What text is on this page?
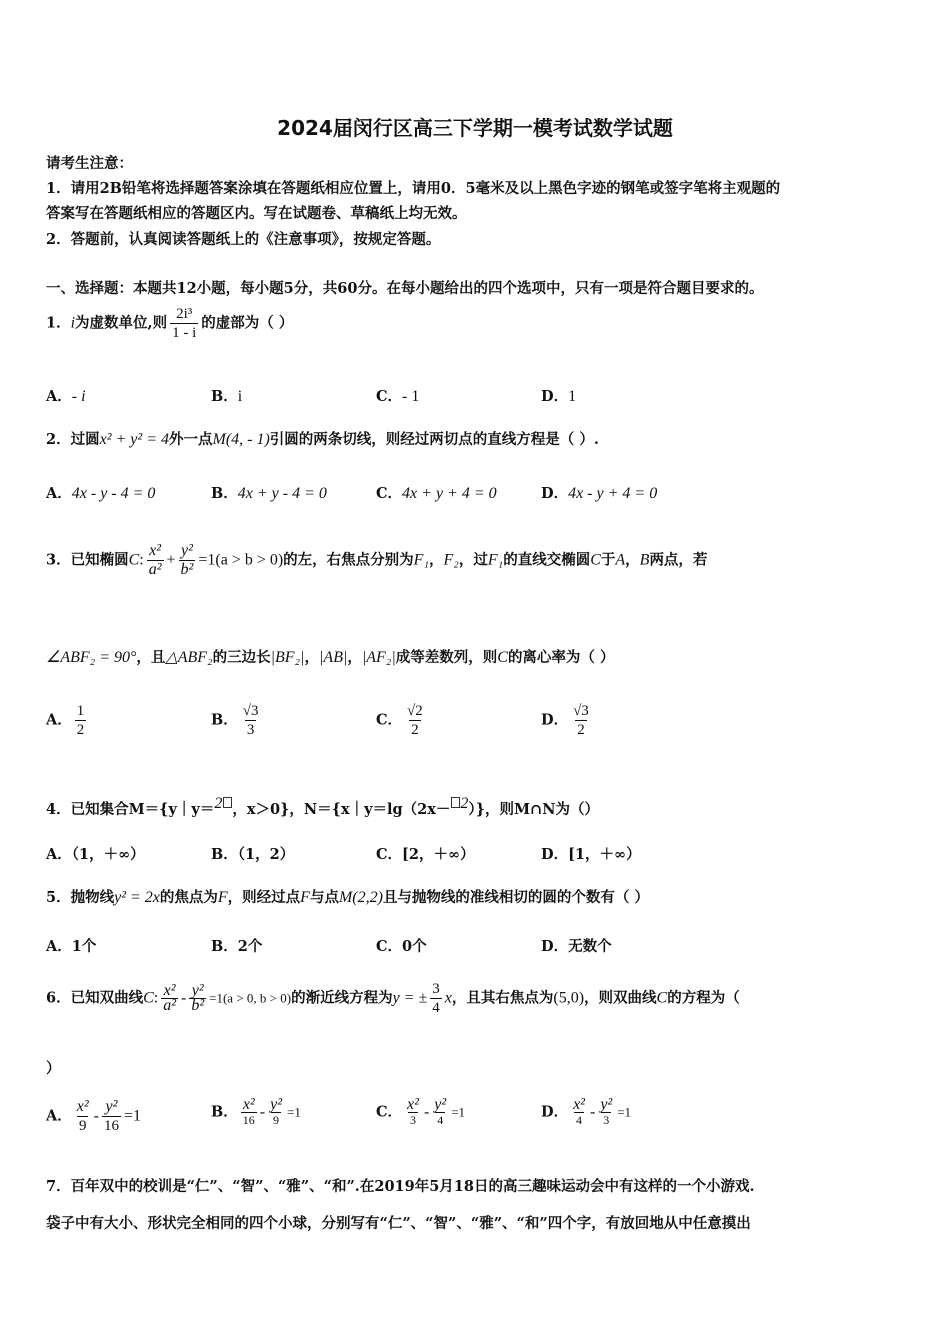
2024届闵行区高三下学期一模考试数学试题
请考生注意：
1．请用2B铅笔将选择题答案涂填在答题纸相应位置上，请用0．5毫米及以上黑色字迹的钢笔或签字笔将主观题的
答案写在答题纸相应的答题区内。写在试题卷、草稿纸上均无效。
2．答题前，认真阅读答题纸上的《注意事项》，按规定答题。
一、选择题：本题共12小题，每小题5分，共60分。在每小题给出的四个选项中，只有一项是符合题目要求的。
1．i为虚数单位,则 $\frac{\text{2i³}}{1 - i}$ 的虚部为（ ）
A．- i	B．i	C．- 1	D．1
2．过圆x² + y² = 4外一点M(4, - 1)引圆的两条切线，则经过两切点的直线方程是（ ）.
A．4x - y - 4 = 0	B．4x + y - 4 = 0	C．4x + y + 4 = 0	D．4x - y + 4 = 0
3．已知椭圆C: $\frac{\text{x²}}{\text{a²}} + \frac{\text{y²}}{\text{b²}} =1(a > b > 0)$的左，右焦点分别为F₁，F₂，过F₁的直线交椭圆C于A，B两点，若
∠ABF₂ = 90°，且△ABF₂的三边长|BF₂|，|AB|，|AF₂|成等差数列，则C的离心率为（ ）
A． $\frac{1}{2}$	B． $\frac{√3}{3}$	C． $\frac{√2}{2}$	D． $\frac{√3}{2}$
4．已知集合M＝{y｜y＝$^2$ ，x＞0}，N＝{x｜y＝lg（2x－ $^2$）}，则M∩N为（）
A．（1，＋∞）	B．（1，2）	C．[2，＋∞）	D．[1，＋∞）
5．抛物线y² = 2x的焦点为F，则经过点F与点M(2,2)且与抛物线的准线相切的圆的个数有（ ）
A．1个	B．2个	C．0个	D．无数个
6．已知双曲线C: $\frac{\text{x²}}{\text{a²}} - \frac{\text{y²}}{\text{b²}} =1(a > 0$, b > 0)的渐近线方程为y = ± $\frac{3}{4}$ x，且其右焦点为(5,0)，则双曲线C的方程为（
）
A． $\frac{\text{x²}}{9} - \frac{\text{y²}}{16} =1$	B． $\frac{\text{x²}}{16} - \frac{\text{y²}}{9} =1$	C． $\frac{\text{x²}}{3} - \frac{\text{y²}}{4} =1$	D． $\frac{\text{x²}}{4} - \frac{\text{y²}}{3} =1$
7．百年双中的校训是“仁”、“智”、“雅”、“和”.在2019年5月18日的高三趣味运动会中有这样的一个小游戏.
袋子中有大小、形状完全相同的四个小球，分别写有“仁”、“智”、“雅”、“和”四个字，有放回地从中任意摸出
